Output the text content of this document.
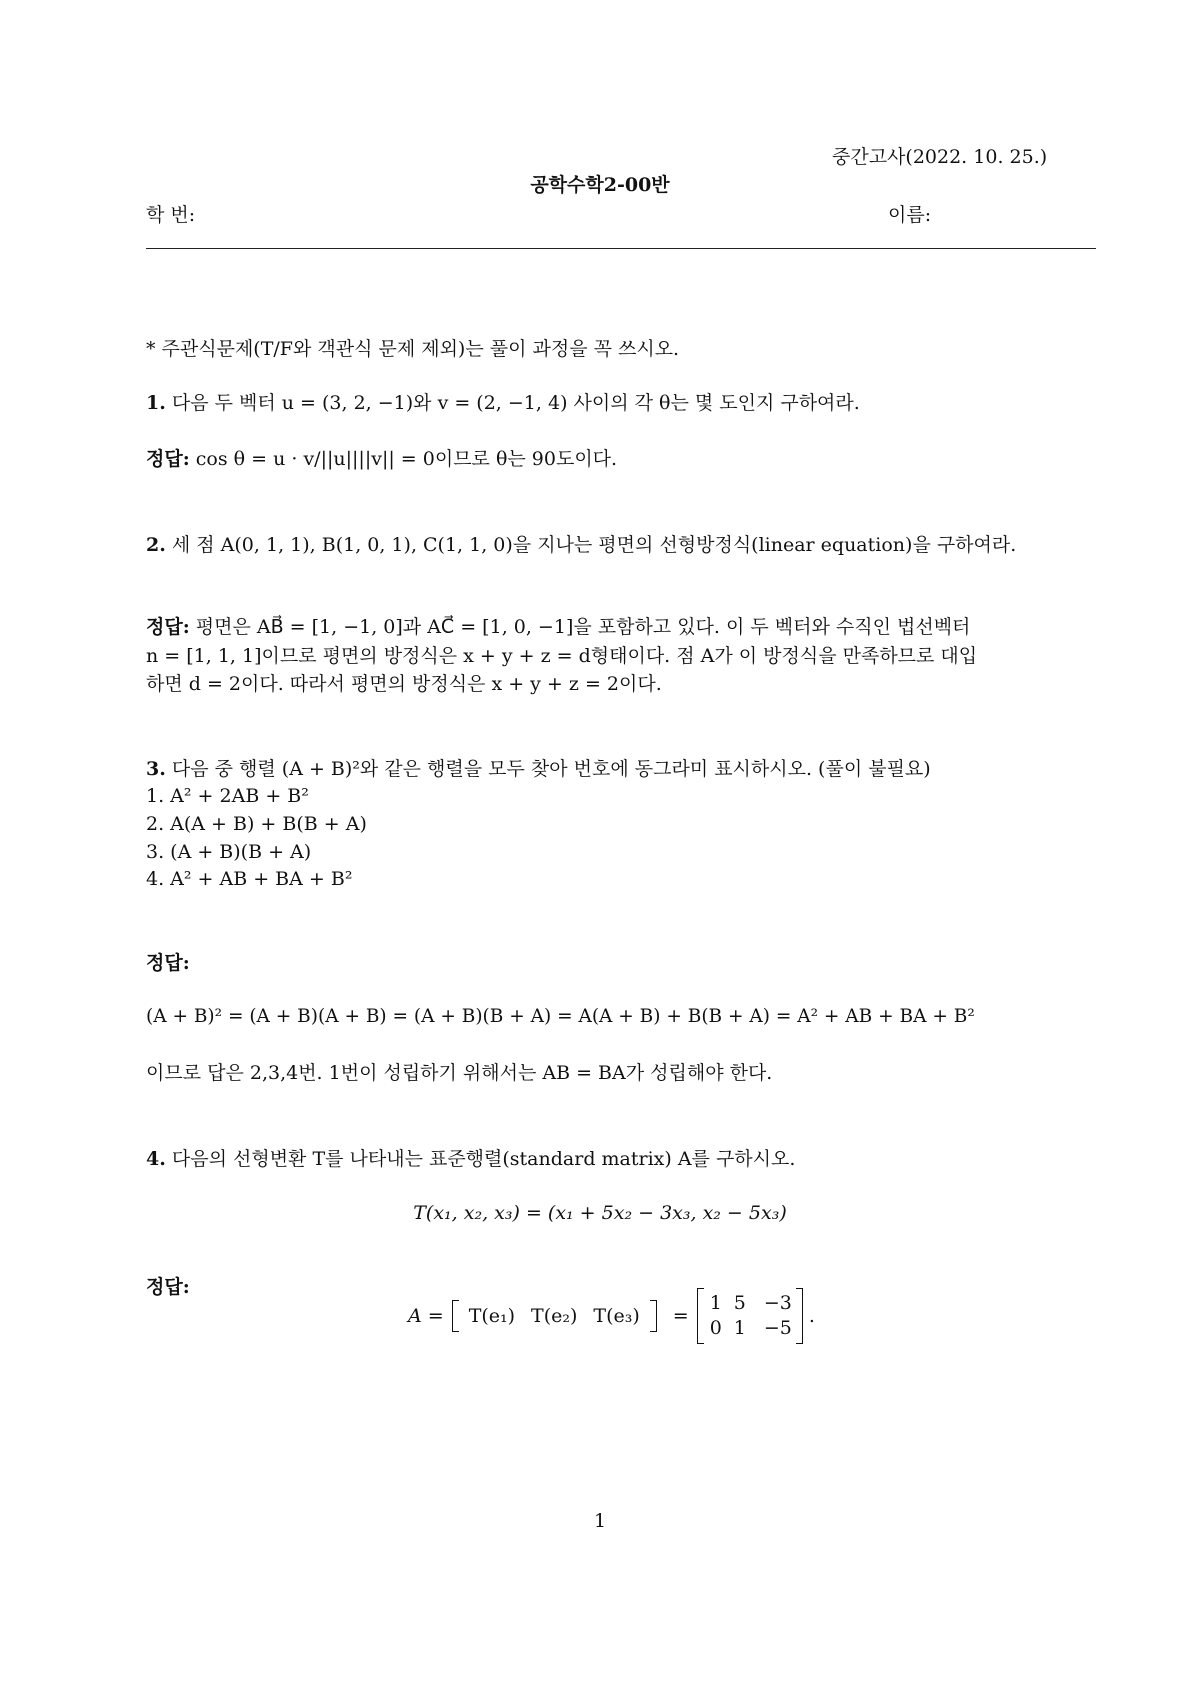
중간고사(2022. 10. 25.)
공학수학2-00반
학 번:	이름:
* 주관식문제(T/F와 객관식 문제 제외)는 풀이 과정을 꼭 쓰시오.
1. 다음 두 벡터 u = (3, 2, −1)와 v = (2, −1, 4) 사이의 각 θ는 몇 도인지 구하여라.
정답: cos θ = u · v/||u||||v|| = 0이므로 θ는 90도이다.
2. 세 점 A(0, 1, 1), B(1, 0, 1), C(1, 1, 0)을 지나는 평면의 선형방정식(linear equation)을 구하여라.
정답: 평면은 AB⃗ = [1, −1, 0]과 AC⃗ = [1, 0, −1]을 포함하고 있다. 이 두 벡터와 수직인 법선벡터
n = [1, 1, 1]이므로 평면의 방정식은 x + y + z = d형태이다. 점 A가 이 방정식을 만족하므로 대입
하면 d = 2이다. 따라서 평면의 방정식은 x + y + z = 2이다.
3. 다음 중 행렬 (A + B)²와 같은 행렬을 모두 찾아 번호에 동그라미 표시하시오. (풀이 불필요)
1. A² + 2AB + B²
2. A(A + B) + B(B + A)
3. (A + B)(B + A)
4. A² + AB + BA + B²
정답:
(A + B)² = (A + B)(A + B) = (A + B)(B + A) = A(A + B) + B(B + A) = A² + AB + BA + B²
이므로 답은 2,3,4번. 1번이 성립하기 위해서는 AB = BA가 성립해야 한다.
4. 다음의 선형변환 T를 나타내는 표준행렬(standard matrix) A를 구하시오.
T(x₁, x₂, x₃) = (x₁ + 5x₂ − 3x₃, x₂ − 5x₃)
정답:
A = T(e₁) T(e₂) T(e₃) =
1	5	−3
0	1	−5
.
1
